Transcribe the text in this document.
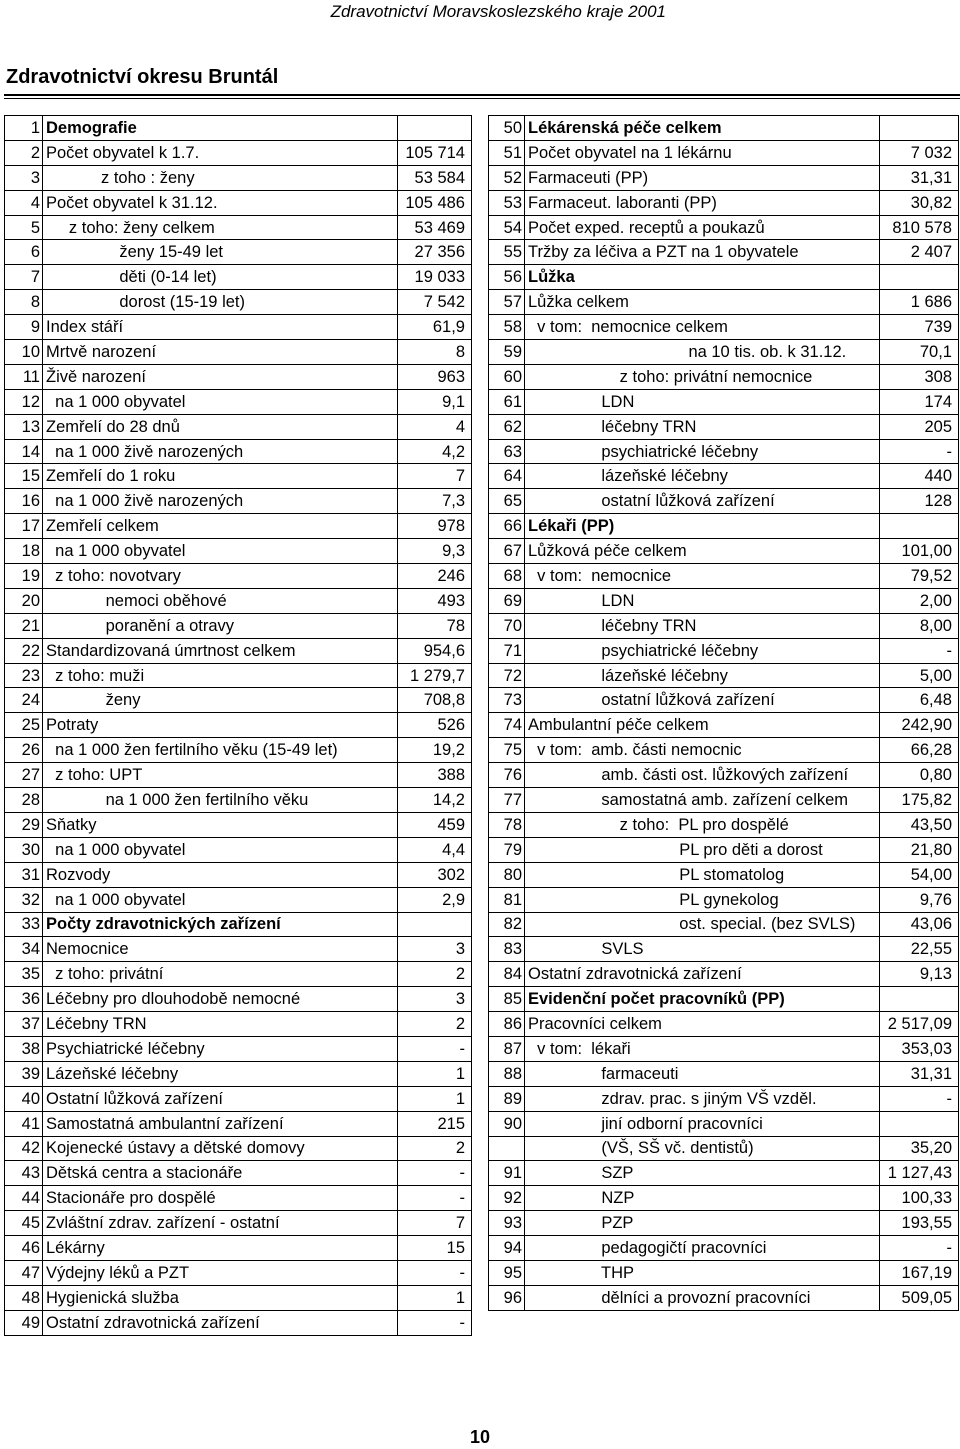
Zdravotnictví Moravskoslezského kraje 2001
Zdravotnictví okresu Bruntál
1	Demografie	
2	Počet obyvatel k 1.7.	105 714
3	z toho : ženy	53 584
4	Počet obyvatel k 31.12.	105 486
5	z toho: ženy celkem	53 469
6	ženy 15-49 let	27 356
7	děti (0-14 let)	19 033
8	dorost (15-19 let)	7 542
9	Index stáří	61,9
10	Mrtvě narození	8
11	Živě narození	963
12	na 1 000 obyvatel	9,1
13	Zemřelí do 28 dnů	4
14	na 1 000 živě narozených	4,2
15	Zemřelí do 1 roku	7
16	na 1 000 živě narozených	7,3
17	Zemřelí celkem	978
18	na 1 000 obyvatel	9,3
19	z toho: novotvary	246
20	nemoci oběhové	493
21	poranění a otravy	78
22	Standardizovaná úmrtnost celkem	954,6
23	z toho: muži	1 279,7
24	ženy	708,8
25	Potraty	526
26	na 1 000 žen fertilního věku (15-49 let)	19,2
27	z toho: UPT	388
28	na 1 000 žen fertilního věku	14,2
29	Sňatky	459
30	na 1 000 obyvatel	4,4
31	Rozvody	302
32	na 1 000 obyvatel	2,9
33	Počty zdravotnických zařízení	
34	Nemocnice	3
35	z toho: privátní	2
36	Léčebny pro dlouhodobě nemocné	3
37	Léčebny TRN	2
38	Psychiatrické léčebny	-
39	Lázeňské léčebny	1
40	Ostatní lůžková zařízení	1
41	Samostatná ambulantní zařízení	215
42	Kojenecké ústavy a dětské domovy	2
43	Dětská centra a stacionáře	-
44	Stacionáře pro dospělé	-
45	Zvláštní zdrav. zařízení - ostatní	7
46	Lékárny	15
47	Výdejny léků a PZT	-
48	Hygienická služba	1
49	Ostatní zdravotnická zařízení	-
50	Lékárenská péče celkem	
51	Počet obyvatel na 1 lékárnu	7 032
52	Farmaceuti (PP)	31,31
53	Farmaceut. laboranti (PP)	30,82
54	Počet exped. receptů a poukazů	810 578
55	Tržby za léčiva a PZT na 1 obyvatele	2 407
56	Lůžka	
57	Lůžka celkem	1 686
58	v tom:  nemocnice celkem	739
59	na 10 tis. ob. k 31.12.	70,1
60	z toho: privátní nemocnice	308
61	LDN	174
62	léčebny TRN	205
63	psychiatrické léčebny	-
64	lázeňské léčebny	440
65	ostatní lůžková zařízení	128
66	Lékaři (PP)	
67	Lůžková péče celkem	101,00
68	v tom:  nemocnice	79,52
69	LDN	2,00
70	léčebny TRN	8,00
71	psychiatrické léčebny	-
72	lázeňské léčebny	5,00
73	ostatní lůžková zařízení	6,48
74	Ambulantní péče celkem	242,90
75	v tom:  amb. části nemocnic	66,28
76	amb. části ost. lůžkových zařízení	0,80
77	samostatná amb. zařízení celkem	175,82
78	z toho:  PL pro dospělé	43,50
79	PL pro děti a dorost	21,80
80	PL stomatolog	54,00
81	PL gynekolog	9,76
82	ost. special. (bez SVLS)	43,06
83	SVLS	22,55
84	Ostatní zdravotnická zařízení	9,13
85	Evidenční počet pracovníků (PP)	
86	Pracovníci celkem	2 517,09
87	v tom:  lékaři	353,03
88	farmaceuti	31,31
89	zdrav. prac. s jiným VŠ vzděl.	-
90	jiní odborní pracovníci	
	(VŠ, SŠ vč. dentistů)	35,20
91	SZP	1 127,43
92	NZP	100,33
93	PZP	193,55
94	pedagogičtí pracovníci	-
95	THP	167,19
96	dělníci a provozní pracovníci	509,05
10
